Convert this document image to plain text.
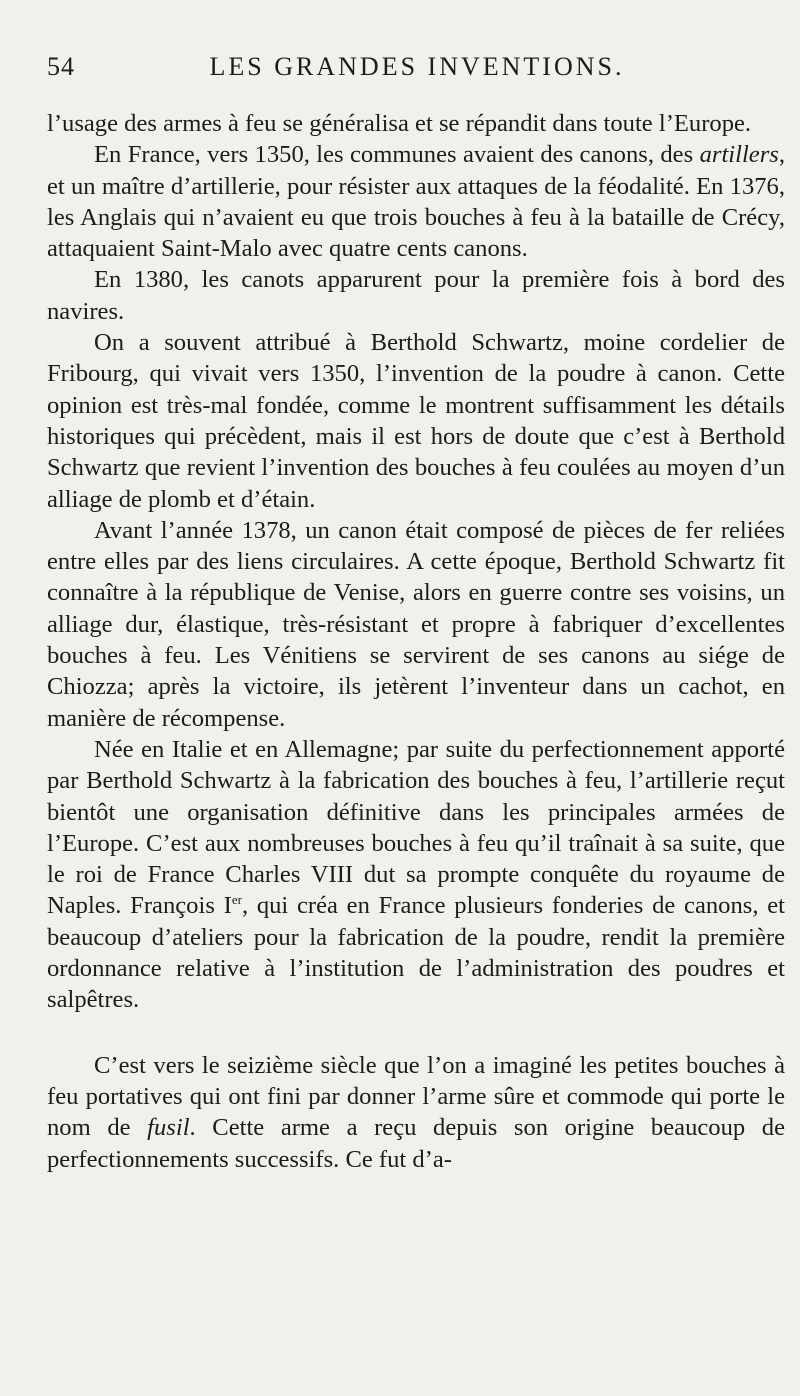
54	LES GRANDES INVENTIONS.

l’usage des armes à feu se généralisa et se répandit dans toute l’Europe.

En France, vers 1350, les communes avaient des canons, des artillers, et un maître d’artillerie, pour résister aux attaques de la féodalité. En 1376, les Anglais qui n’avaient eu que trois bouches à feu à la bataille de Crécy, attaquaient Saint-Malo avec quatre cents canons.

En 1380, les canots apparurent pour la première fois à bord des navires.

On a souvent attribué à Berthold Schwartz, moine cordelier de Fribourg, qui vivait vers 1350, l’invention de la poudre à canon. Cette opinion est très-mal fondée, comme le montrent suffisamment les détails historiques qui précèdent, mais il est hors de doute que c’est à Berthold Schwartz que revient l’invention des bouches à feu coulées au moyen d’un alliage de plomb et d’étain.

Avant l’année 1378, un canon était composé de pièces de fer reliées entre elles par des liens circulaires. A cette époque, Berthold Schwartz fit connaître à la république de Venise, alors en guerre contre ses voisins, un alliage dur, élastique, très-résistant et propre à fabriquer d’excellentes bouches à feu. Les Vénitiens se servirent de ses canons au siége de Chiozza; après la victoire, ils jetèrent l’inventeur dans un cachot, en manière de récompense.

Née en Italie et en Allemagne; par suite du perfectionnement apporté par Berthold Schwartz à la fabrication des bouches à feu, l’artillerie reçut bientôt une organisation définitive dans les principales armées de l’Europe. C’est aux nombreuses bouches à feu qu’il traînait à sa suite, que le roi de France Charles VIII dut sa prompte conquête du royaume de Naples. François Ier, qui créa en France plusieurs fonderies de canons, et beaucoup d’ateliers pour la fabrication de la poudre, rendit la première ordonnance relative à l’institution de l’administration des poudres et salpêtres.

C’est vers le seizième siècle que l’on a imaginé les petites bouches à feu portatives qui ont fini par donner l’arme sûre et commode qui porte le nom de fusil. Cette arme a reçu depuis son origine beaucoup de perfectionnements successifs. Ce fut d’a-
